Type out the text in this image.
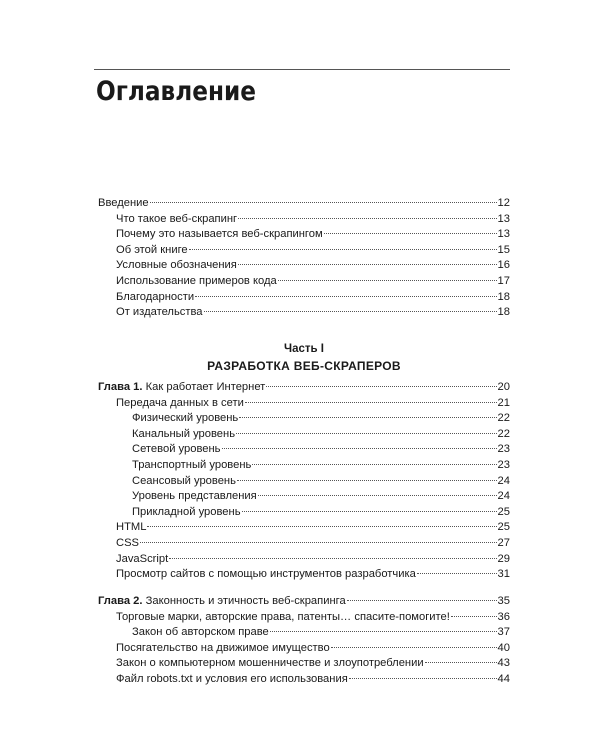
Оглавление
Введение	12
Что такое веб-скрапинг	13
Почему это называется веб-скрапингом	13
Об этой книге	15
Условные обозначения	16
Использование примеров кода	17
Благодарности	18
От издательства	18
Часть I
РАЗРАБОТКА ВЕБ-СКРАПЕРОВ
Глава 1. Как работает Интернет	20
Передача данных в сети	21
Физический уровень	22
Канальный уровень	22
Сетевой уровень	23
Транспортный уровень	23
Сеансовый уровень	24
Уровень представления	24
Прикладной уровень	25
HTML	25
CSS	27
JavaScript	29
Просмотр сайтов с помощью инструментов разработчика	31
Глава 2. Законность и этичность веб-скрапинга	35
Торговые марки, авторские права, патенты… спасите-помогите!	36
Закон об авторском праве	37
Посягательство на движимое имущество	40
Закон о компьютерном мошенничестве и злоупотреблении	43
Файл robots.txt и условия его использования	44
